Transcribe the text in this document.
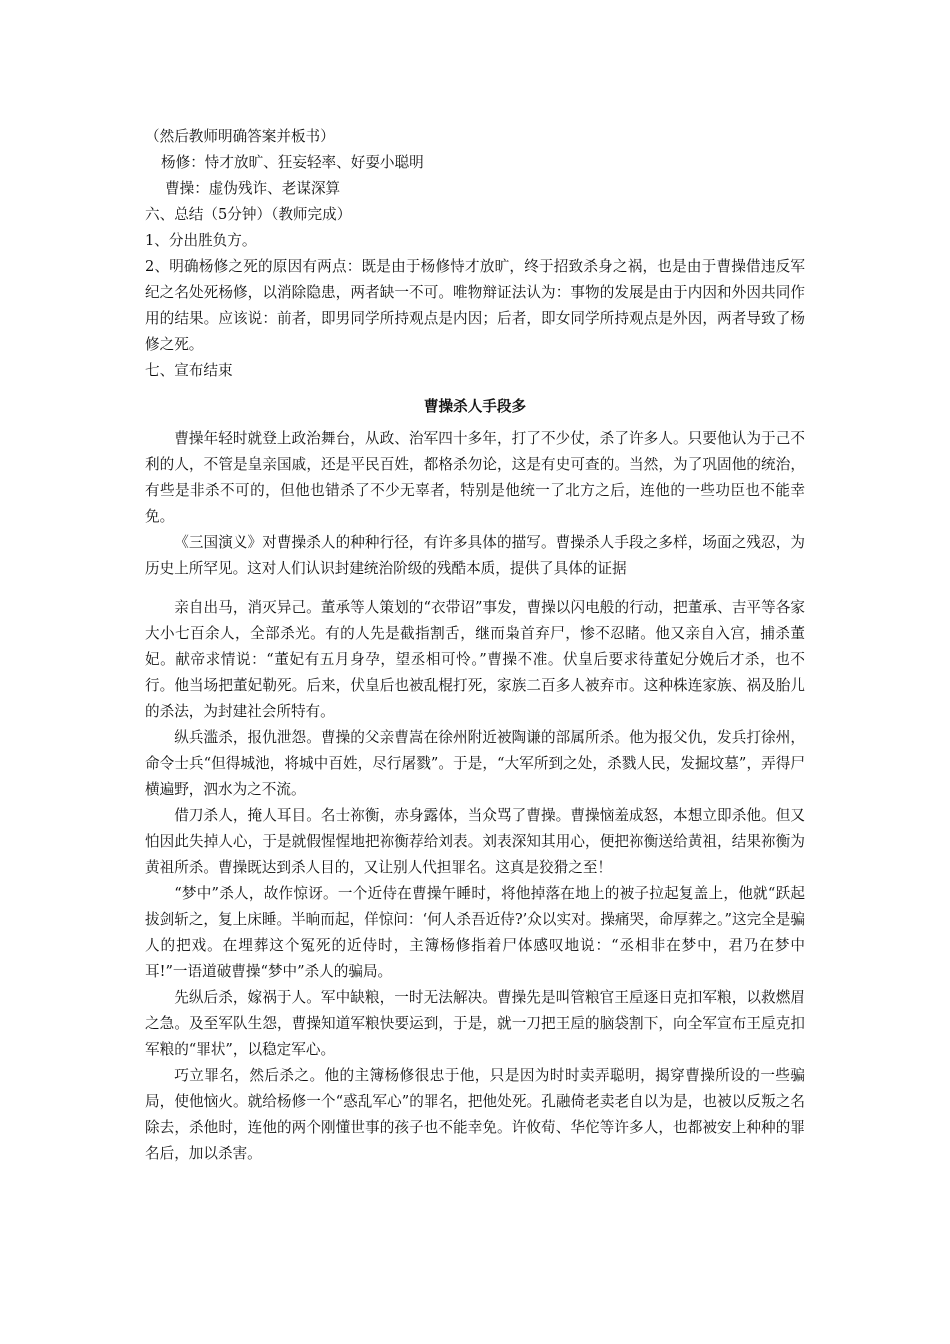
（然后教师明确答案并板书）

杨修：恃才放旷、狂妄轻率、好耍小聪明

曹操：虚伪残诈、老谋深算

六、总结（5分钟）（教师完成）

1、分出胜负方。

2、明确杨修之死的原因有两点：既是由于杨修恃才放旷，终于招致杀身之祸，也是由于曹操借违反军纪之名处死杨修，以消除隐患，两者缺一不可。唯物辩证法认为：事物的发展是由于内因和外因共同作用的结果。应该说：前者，即男同学所持观点是内因；后者，即女同学所持观点是外因，两者导致了杨修之死。

七、宣布结束

曹操杀人手段多

曹操年轻时就登上政治舞台，从政、治军四十多年，打了不少仗，杀了许多人。只要他认为于己不利的人，不管是皇亲国戚，还是平民百姓，都格杀勿论，这是有史可查的。当然，为了巩固他的统治，有些是非杀不可的，但他也错杀了不少无辜者，特别是他统一了北方之后，连他的一些功臣也不能幸免。

《三国演义》对曹操杀人的种种行径，有许多具体的描写。曹操杀人手段之多样，场面之残忍，为历史上所罕见。这对人们认识封建统治阶级的残酷本质，提供了具体的证据

亲自出马，消灭异己。董承等人策划的“衣带诏”事发，曹操以闪电般的行动，把董承、吉平等各家大小七百余人，全部杀光。有的人先是截指割舌，继而枭首弃尸，惨不忍睹。他又亲自入宫，捕杀董妃。献帝求情说：“董妃有五月身孕，望丞相可怜。”曹操不准。伏皇后要求待董妃分娩后才杀，也不行。他当场把董妃勒死。后来，伏皇后也被乱棍打死，家族二百多人被弃市。这种株连家族、祸及胎儿的杀法，为封建社会所特有。

纵兵滥杀，报仇泄怨。曹操的父亲曹嵩在徐州附近被陶谦的部属所杀。他为报父仇，发兵打徐州，命令士兵“但得城池，将城中百姓，尽行屠戮”。于是，“大军所到之处，杀戮人民，发掘坟墓”，弄得尸横遍野，泗水为之不流。

借刀杀人，掩人耳目。名士祢衡，赤身露体，当众骂了曹操。曹操恼羞成怒，本想立即杀他。但又怕因此失掉人心，于是就假惺惺地把祢衡荐给刘表。刘表深知其用心，便把祢衡送给黄祖，结果祢衡为黄祖所杀。曹操既达到杀人目的，又让别人代担罪名。这真是狡猾之至！

“梦中”杀人，故作惊讶。一个近侍在曹操午睡时，将他掉落在地上的被子拉起复盖上，他就“跃起拔剑斩之，复上床睡。半晌而起，佯惊问：‘何人杀吾近侍?’众以实对。操痛哭，命厚葬之。”这完全是骗人的把戏。在埋葬这个冤死的近侍时，主簿杨修指着尸体感叹地说：“丞相非在梦中，君乃在梦中耳!”一语道破曹操“梦中”杀人的骗局。

先纵后杀，嫁祸于人。军中缺粮，一时无法解决。曹操先是叫管粮官王垕逐日克扣军粮，以救燃眉之急。及至军队生怨，曹操知道军粮快要运到，于是，就一刀把王垕的脑袋割下，向全军宣布王垕克扣军粮的“罪状”，以稳定军心。

巧立罪名，然后杀之。他的主簿杨修很忠于他，只是因为时时卖弄聪明，揭穿曹操所设的一些骗局，使他恼火。就给杨修一个“惑乱军心”的罪名，把他处死。孔融倚老卖老自以为是，也被以反叛之名除去，杀他时，连他的两个刚懂世事的孩子也不能幸免。许攸荀、华佗等许多人，也都被安上种种的罪名后，加以杀害。
